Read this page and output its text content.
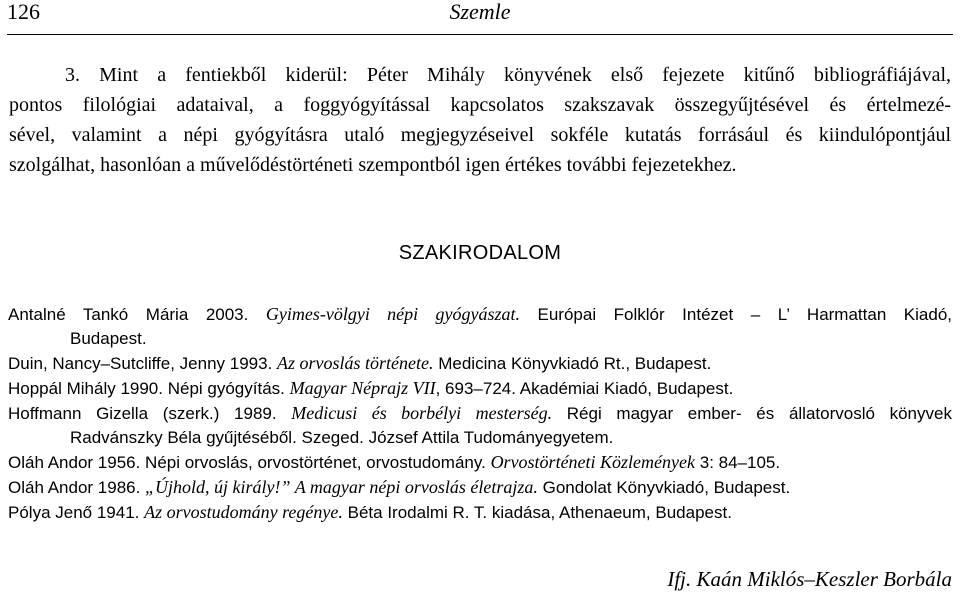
126	Szemle
3. Mint a fentiekből kiderül: Péter Mihály könyvének első fejezete kitűnő bibliográfiájával,
pontos filológiai adataival, a foggyógyítással kapcsolatos szakszavak összegyűjtésével és értelmezé-
sével, valamint a népi gyógyításra utaló megjegyzéseivel sokféle kutatás forrásául és kiindulópontjául
szolgálhat, hasonlóan a művelődéstörténeti szempontból igen értékes további fejezetekhez.
SZAKIRODALOM
Antalné Tankó Mária 2003. Gyimes-völgyi népi gyógyászat. Európai Folklór Intézet – L’ Harmattan Kiadó,
Budapest.
Duin, Nancy–Sutcliffe, Jenny 1993. Az orvoslás története. Medicina Könyvkiadó Rt., Budapest.
Hoppál Mihály 1990. Népi gyógyítás. Magyar Néprajz VII, 693–724. Akadémiai Kiadó, Budapest.
Hoffmann Gizella (szerk.) 1989. Medicusi és borbélyi mesterség. Régi magyar ember- és állatorvosló könyvek
Radvánszky Béla gyűjtéséből. Szeged. József Attila Tudományegyetem.
Oláh Andor 1956. Népi orvoslás, orvostörténet, orvostudomány. Orvostörténeti Közlemények 3: 84–105.
Oláh Andor 1986. „Újhold, új király!” A magyar népi orvoslás életrajza. Gondolat Könyvkiadó, Budapest.
Pólya Jenő 1941. Az orvostudomány regénye. Béta Irodalmi R. T. kiadása, Athenaeum, Budapest.
Ifj. Kaán Miklós–Keszler Borbála
